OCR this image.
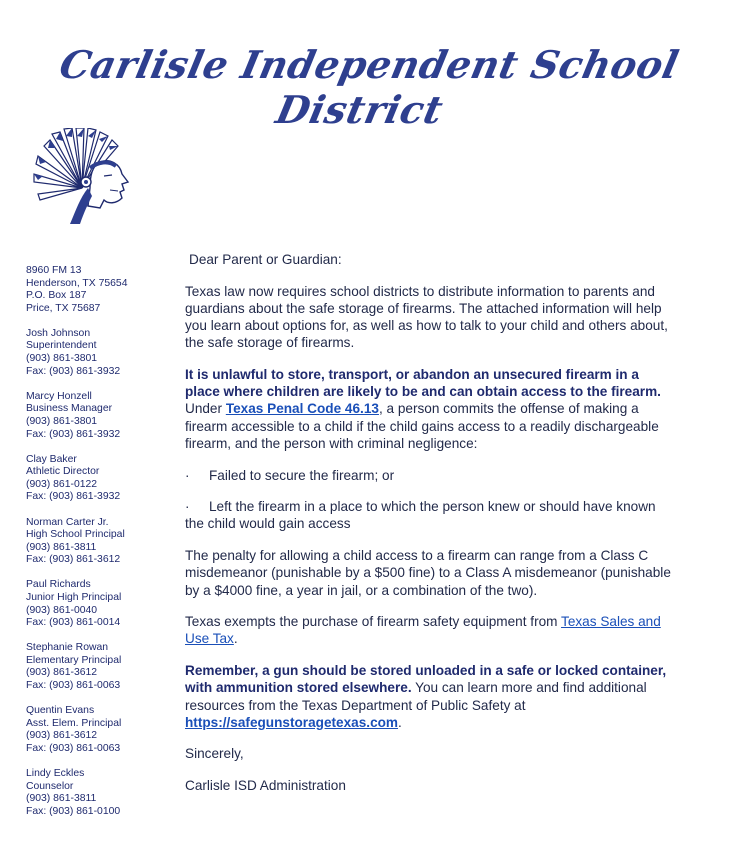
Carlisle Independent School District
8960 FM 13
Henderson, TX 75654
P.O. Box 187
Price, TX 75687
Josh Johnson
Superintendent
(903) 861-3801
Fax: (903) 861-3932
Marcy Honzell
Business Manager
(903) 861-3801
Fax: (903) 861-3932
Clay Baker
Athletic Director
(903) 861-0122
Fax: (903) 861-3932
Norman Carter Jr.
High School Principal
(903) 861-3811
Fax: (903) 861-3612
Paul Richards
Junior High Principal
(903) 861-0040
Fax: (903) 861-0014
Stephanie Rowan
Elementary Principal
(903) 861-3612
Fax: (903) 861-0063
Quentin Evans
Asst. Elem. Principal
(903) 861-3612
Fax: (903) 861-0063
Lindy Eckles
Counselor
(903) 861-3811
Fax: (903) 861-0100

Dear Parent or Guardian:

Texas law now requires school districts to distribute information to parents and guardians about the safe storage of firearms. The attached information will help you learn about options for, as well as how to talk to your child and others about, the safe storage of firearms.

It is unlawful to store, transport, or abandon an unsecured firearm in a place where children are likely to be and can obtain access to the firearm. Under Texas Penal Code 46.13, a person commits the offense of making a firearm accessible to a child if the child gains access to a readily dischargeable firearm, and the person with criminal negligence:

·	Failed to secure the firearm; or
· Left the firearm in a place to which the person knew or should have known the child would gain access

The penalty for allowing a child access to a firearm can range from a Class C misdemeanor (punishable by a $500 fine) to a Class A misdemeanor (punishable by a $4000 fine, a year in jail, or a combination of the two).

Texas exempts the purchase of firearm safety equipment from Texas Sales and Use Tax.

Remember, a gun should be stored unloaded in a safe or locked container, with ammunition stored elsewhere. You can learn more and find additional resources from the Texas Department of Public Safety at https://safegunstoragetexas.com.

Sincerely,

Carlisle ISD Administration
